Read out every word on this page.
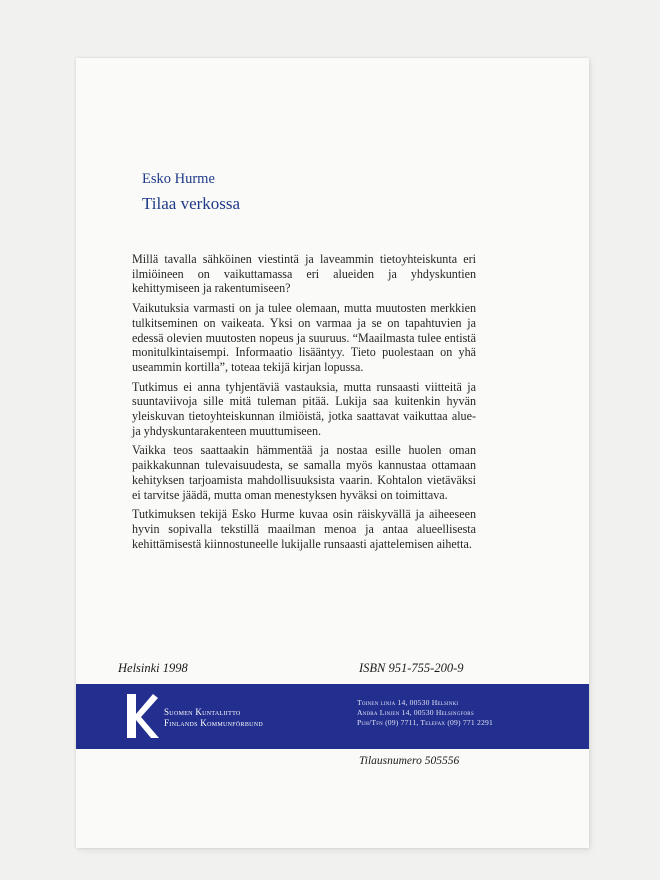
Esko Hurme
Tilaa verkossa

Millä tavalla sähköinen viestintä ja laveammin tietoyhteiskunta eri ilmiöineen on vaikuttamassa eri alueiden ja yhdyskuntien kehittymiseen ja rakentumiseen?

Vaikutuksia varmasti on ja tulee olemaan, mutta muutosten merkkien tulkitseminen on vaikeata. Yksi on varmaa ja se on tapahtuvien ja edessä olevien muutosten nopeus ja suuruus. “Maailmasta tulee entistä monitulkintaisempi. Informaatio lisääntyy. Tieto puolestaan on yhä useammin kortilla”, toteaa tekijä kirjan lopussa.

Tutkimus ei anna tyhjentäviä vastauksia, mutta runsaasti viitteitä ja suuntaviivoja sille mitä tuleman pitää. Lukija saa kuitenkin hyvän yleiskuvan tietoyhteiskunnan ilmiöistä, jotka saattavat vaikuttaa alue- ja yhdyskuntarakenteen muuttumiseen.

Vaikka teos saattaakin hämmentää ja nostaa esille huolen oman paikkakunnan tulevaisuudesta, se samalla myös kannustaa ottamaan kehityksen tarjoamista mahdollisuuksista vaarin. Kohtalon vietäväksi ei tarvitse jäädä, mutta oman menestyksen hyväksi on toimittava.

Tutkimuksen tekijä Esko Hurme kuvaa osin räiskyvällä ja aiheeseen hyvin sopivalla tekstillä maailman menoa ja antaa alueellisesta kehittämisestä kiinnostuneelle lukijalle runsaasti ajattelemisen aihetta.

Helsinki 1998	ISBN 951-755-200-9
Suomen Kuntaliitto
Finlands Kommunförbund
Toinen linja 14, 00530 Helsinki
Andra Linjen 14, 00530 Helsingfors
Puh/Tfn (09) 7711, Telefax (09) 771 2291
Tilausnumero 505556
